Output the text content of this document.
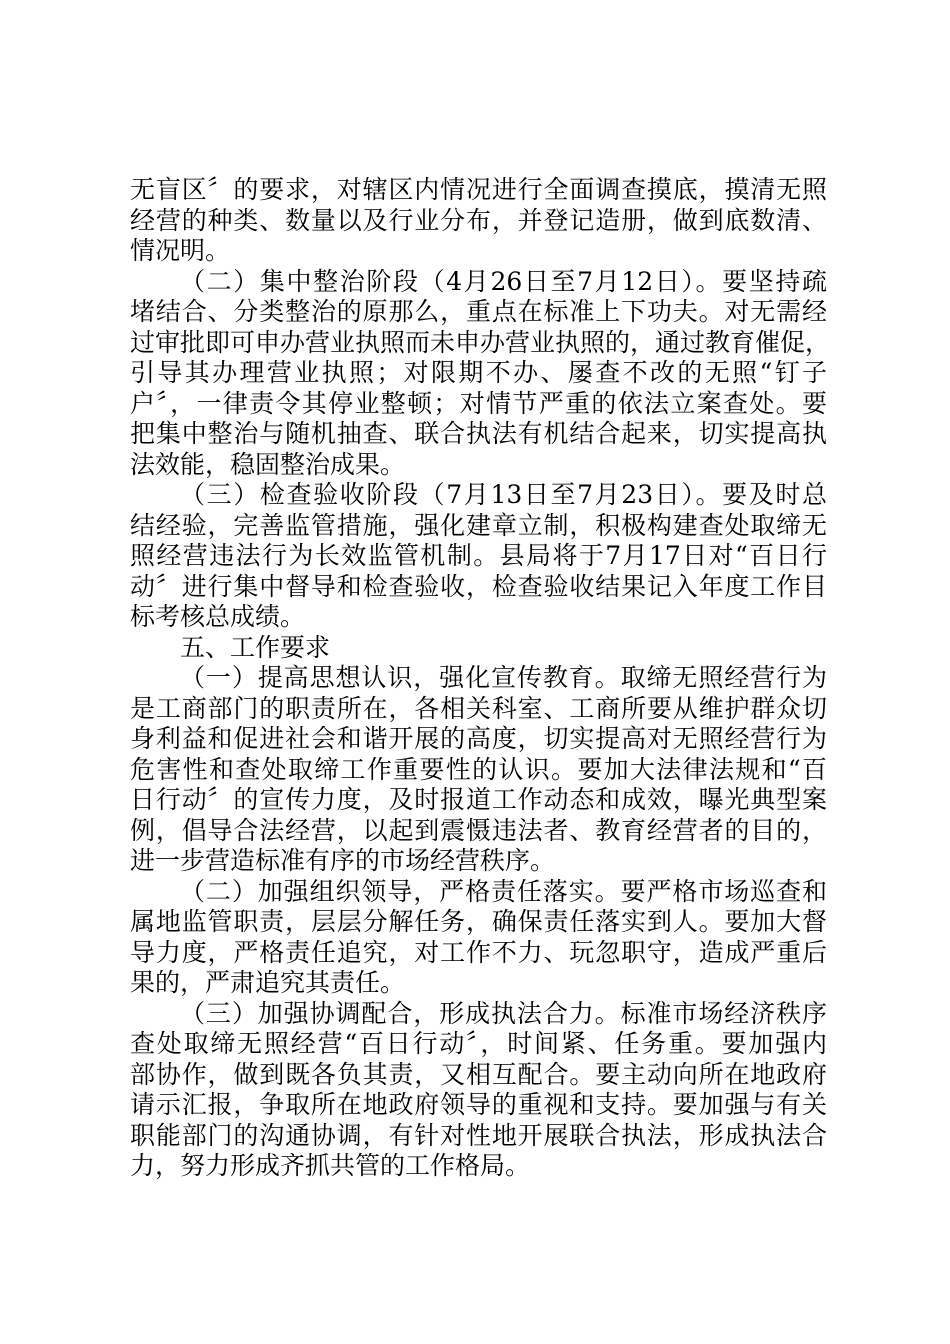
无盲区〞的要求，对辖区内情况进行全面调查摸底，摸清无照
经营的种类、数量以及行业分布，并登记造册，做到底数清、
情况明。
（二）集中整治阶段（4月26日至7月12日）。要坚持疏
堵结合、分类整治的原那么，重点在标准上下功夫。对无需经
过审批即可申办营业执照而未申办营业执照的，通过教育催促，
引导其办理营业执照；对限期不办、屡查不改的无照“钉子
户〞，一律责令其停业整顿；对情节严重的依法立案查处。要
把集中整治与随机抽查、联合执法有机结合起来，切实提高执
法效能，稳固整治成果。
（三）检查验收阶段（7月13日至7月23日）。要及时总
结经验，完善监管措施，强化建章立制，积极构建查处取缔无
照经营违法行为长效监管机制。县局将于7月17日对“百日行
动〞进行集中督导和检查验收，检查验收结果记入年度工作目
标考核总成绩。
五、工作要求
（一）提高思想认识，强化宣传教育。取缔无照经营行为
是工商部门的职责所在，各相关科室、工商所要从维护群众切
身利益和促进社会和谐开展的高度，切实提高对无照经营行为
危害性和查处取缔工作重要性的认识。要加大法律法规和“百
日行动〞的宣传力度，及时报道工作动态和成效，曝光典型案
例，倡导合法经营，以起到震慑违法者、教育经营者的目的，
进一步营造标准有序的市场经营秩序。
（二）加强组织领导，严格责任落实。要严格市场巡查和
属地监管职责，层层分解任务，确保责任落实到人。要加大督
导力度，严格责任追究，对工作不力、玩忽职守，造成严重后
果的，严肃追究其责任。
（三）加强协调配合，形成执法合力。标准市场经济秩序
查处取缔无照经营“百日行动〞，时间紧、任务重。要加强内
部协作，做到既各负其责，又相互配合。要主动向所在地政府
请示汇报，争取所在地政府领导的重视和支持。要加强与有关
职能部门的沟通协调，有针对性地开展联合执法，形成执法合
力，努力形成齐抓共管的工作格局。
